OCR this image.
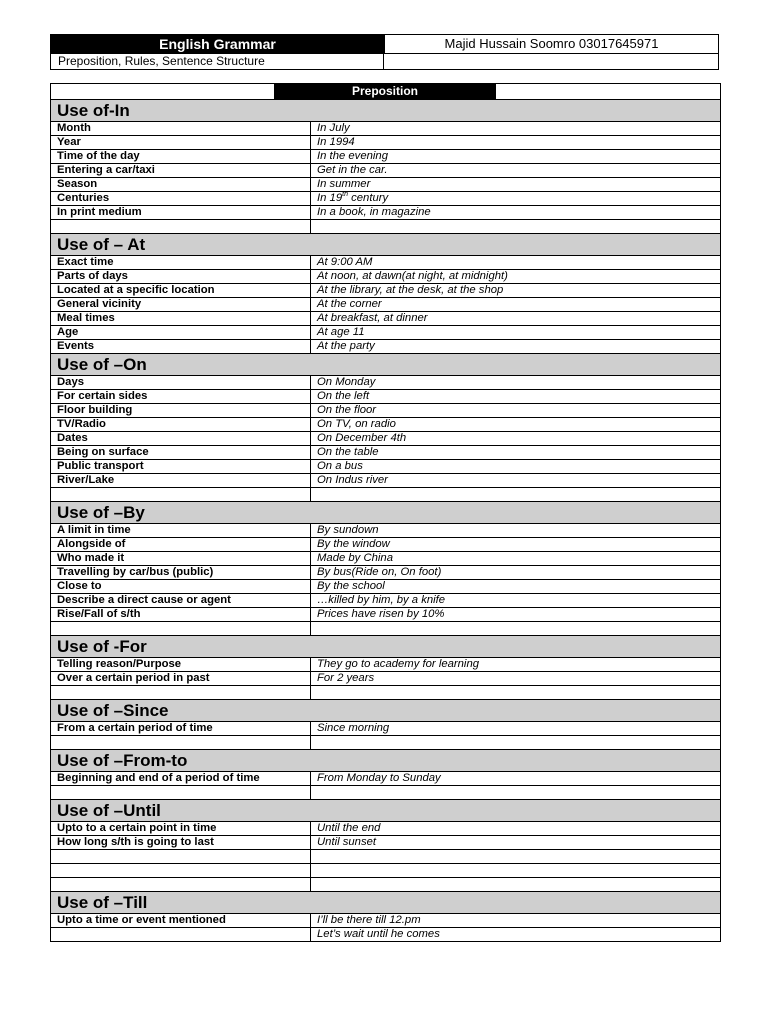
English Grammar	Majid Hussain Soomro 03017645971
Preposition, Rules, Sentence Structure
Preposition
Use of-In
Month	In July
Year	In 1994
Time of the day	In the evening
Entering a car/taxi	Get in the car.
Season	In summer
Centuries	In 19th century
In print medium	In a book, in magazine
Use of – At
Exact time	At 9:00 AM
Parts of days	At noon, at dawn(at night, at midnight)
Located at a specific location	At the library, at the desk, at the shop
General vicinity	At the corner
Meal times	At breakfast, at dinner
Age	At age 11
Events	At the party
Use of –On
Days	On Monday
For certain sides	On the left
Floor building	On the floor
TV/Radio	On TV, on radio
Dates	On December 4th
Being on surface	On the table
Public transport	On a bus
River/Lake	On Indus river
Use of –By
A limit in time	By sundown
Alongside of	By the window
Who made it	Made by China
Travelling by car/bus (public)	By bus(Ride on, On foot)
Close to	By the school
Describe a direct cause or agent	…killed by him, by a knife
Rise/Fall of s/th	Prices have risen by 10%
Use of -For
Telling reason/Purpose	They go to academy for learning
Over a certain period in past	For 2 years
Use of –Since
From a certain period of time	Since morning
Use of –From-to
Beginning and end of a period of time	From Monday to Sunday
Use of –Until
Upto to a certain point in time	Until the end
How long s/th is going to last	Until sunset
Use of –Till
Upto a time or event mentioned	I’ll be there till 12.pm
Let’s wait until he comes
